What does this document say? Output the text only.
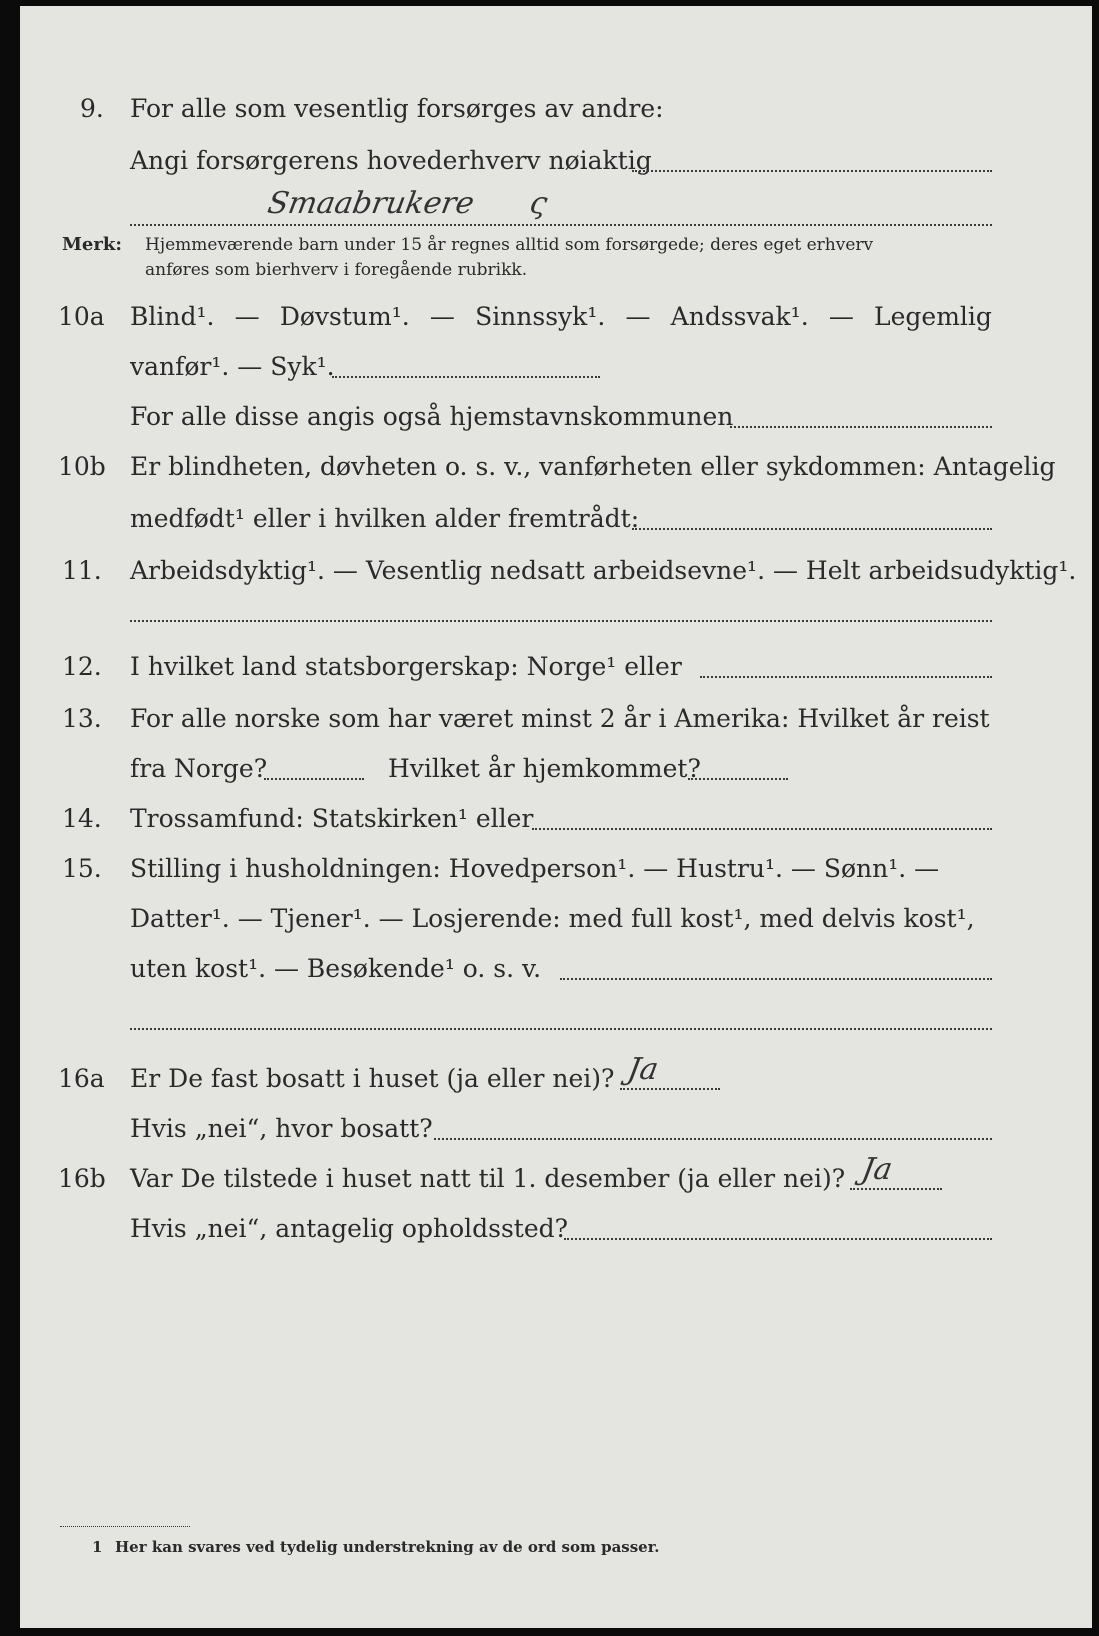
9. For alle som vesentlig forsørges av andre:
Angi forsørgerens hovederhverv nøiaktig
Smaabrukere ς
Merk: Hjemmeværende barn under 15 år regnes alltid som forsørgede; deres eget erhverv
anføres som bierhverv i foregående rubrikk.
10a Blind¹. — Døvstum¹. — Sinnssyk¹. — Andssvak¹. — Legemlig
vanfør¹. — Syk¹.
For alle disse angis også hjemstavnskommunen
10b Er blindheten, døvheten o. s. v., vanførheten eller sykdommen: Antagelig
medfødt¹ eller i hvilken alder fremtrådt:
11. Arbeidsdyktig¹. — Vesentlig nedsatt arbeidsevne¹. — Helt arbeidsudyktig¹.
12. I hvilket land statsborgerskap: Norge¹ eller
13. For alle norske som har været minst 2 år i Amerika: Hvilket år reist
fra Norge?	Hvilket år hjemkommet?
14. Trossamfund: Statskirken¹ eller
15. Stilling i husholdningen: Hovedperson¹. — Hustru¹. — Sønn¹. —
Datter¹. — Tjener¹. — Losjerende: med full kost¹, med delvis kost¹,
uten kost¹. — Besøkende¹ o. s. v.
16a Er De fast bosatt i huset (ja eller nei)? Ja
Hvis „nei“, hvor bosatt?
16b Var De tilstede i huset natt til 1. desember (ja eller nei)? Ja
Hvis „nei“, antagelig opholdssted?
1 Her kan svares ved tydelig understrekning av de ord som passer.
